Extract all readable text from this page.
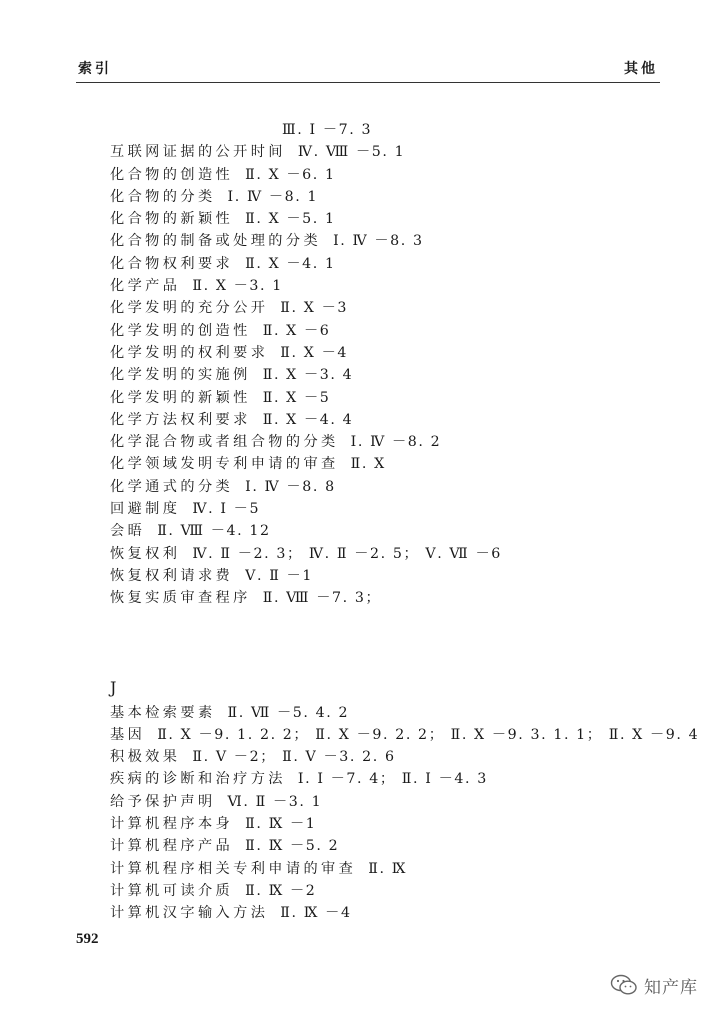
索引	其他
Ⅲ. Ⅰ －7. 3
互联网证据的公开时间 Ⅳ. Ⅷ －5. 1
化合物的创造性 Ⅱ. Ⅹ －6. 1
化合物的分类 Ⅰ. Ⅳ －8. 1
化合物的新颖性 Ⅱ. Ⅹ －5. 1
化合物的制备或处理的分类 Ⅰ. Ⅳ －8. 3
化合物权利要求 Ⅱ. Ⅹ －4. 1
化学产品 Ⅱ. Ⅹ －3. 1
化学发明的充分公开 Ⅱ. Ⅹ －3
化学发明的创造性 Ⅱ. Ⅹ －6
化学发明的权利要求 Ⅱ. Ⅹ －4
化学发明的实施例 Ⅱ. Ⅹ －3. 4
化学发明的新颖性 Ⅱ. Ⅹ －5
化学方法权利要求 Ⅱ. Ⅹ －4. 4
化学混合物或者组合物的分类 Ⅰ. Ⅳ －8. 2
化学领域发明专利申请的审查 Ⅱ. Ⅹ
化学通式的分类 Ⅰ. Ⅳ －8. 8
回避制度 Ⅳ. Ⅰ －5
会晤 Ⅱ. Ⅷ －4. 12
恢复权利 Ⅳ. Ⅱ －2. 3； Ⅳ. Ⅱ －2. 5； Ⅴ. Ⅶ －6
恢复权利请求费 Ⅴ. Ⅱ －1
恢复实质审查程序 Ⅱ. Ⅷ －7. 3；
J
基本检索要素 Ⅱ. Ⅶ －5. 4. 2
基因 Ⅱ. Ⅹ －9. 1. 2. 2； Ⅱ. Ⅹ －9. 2. 2； Ⅱ. Ⅹ －9. 3. 1. 1； Ⅱ. Ⅹ －9. 4
积极效果 Ⅱ. Ⅴ －2； Ⅱ. Ⅴ －3. 2. 6
疾病的诊断和治疗方法 Ⅰ. Ⅰ －7. 4； Ⅱ. Ⅰ －4. 3
给予保护声明 Ⅵ. Ⅱ －3. 1
计算机程序本身 Ⅱ. Ⅸ －1
计算机程序产品 Ⅱ. Ⅸ －5. 2
计算机程序相关专利申请的审查 Ⅱ. Ⅸ
计算机可读介质 Ⅱ. Ⅸ －2
计算机汉字输入方法 Ⅱ. Ⅸ －4
592
知产库
